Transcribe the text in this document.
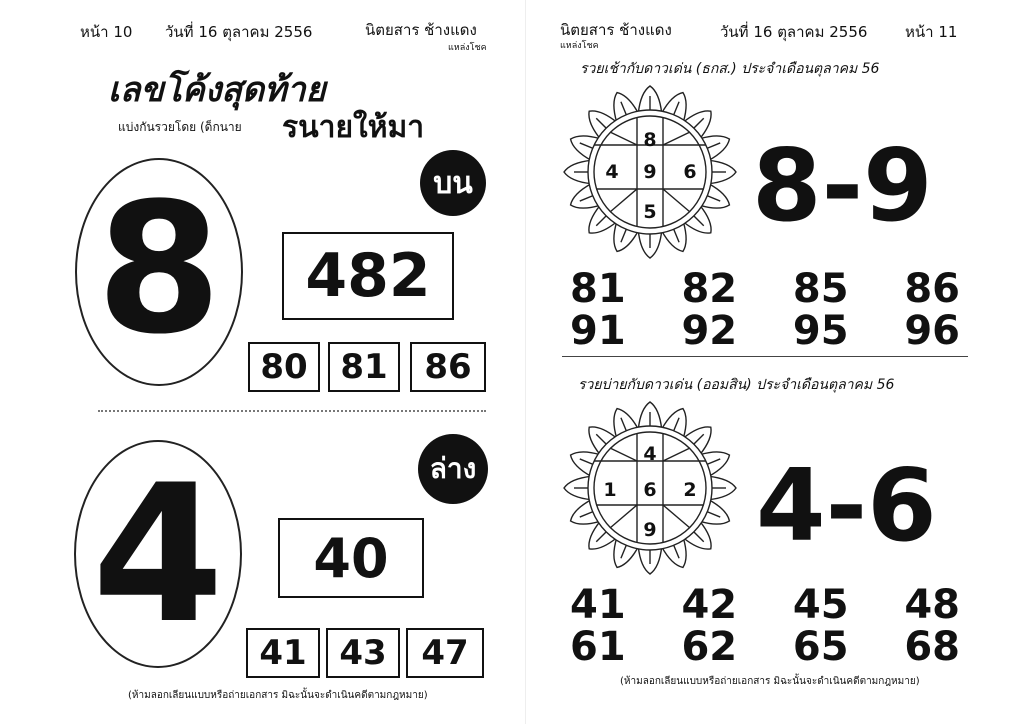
หน้า 10 วันที่ 16 ตุลาคม 2556	นิตยสาร ช้างแดง
แหล่งโชค
เลขโค้งสุดท้าย
แบ่งกันรวยโดย (ด็กนาย รนายให้มา
8	บน
482
80 81	86
4	ล่าง
40
41 43	47
(ห้ามลอกเลียนแบบหรือถ่ายเอกสาร มิฉะนั้นจะดำเนินคดีตามกฎหมาย)
นิตยสาร ช้างแดง
แหล่งโชค
วันที่ 16 ตุลาคม 2556	หน้า 11
รวยเช้ากับดาวเด่น (ธกส.) ประจำเดือนตุลาคม 56
8
4 9 6
5 8-9
81 82 85 86
91 92 95 96
รวยบ่ายกับดาวเด่น (ออมสิน) ประจำเดือนตุลาคม 56
4
1 6 2
9 4-6
41 42 45 48
61 62 65 68
(ห้ามลอกเลียนแบบหรือถ่ายเอกสาร มิฉะนั้นจะดำเนินคดีตามกฎหมาย)
